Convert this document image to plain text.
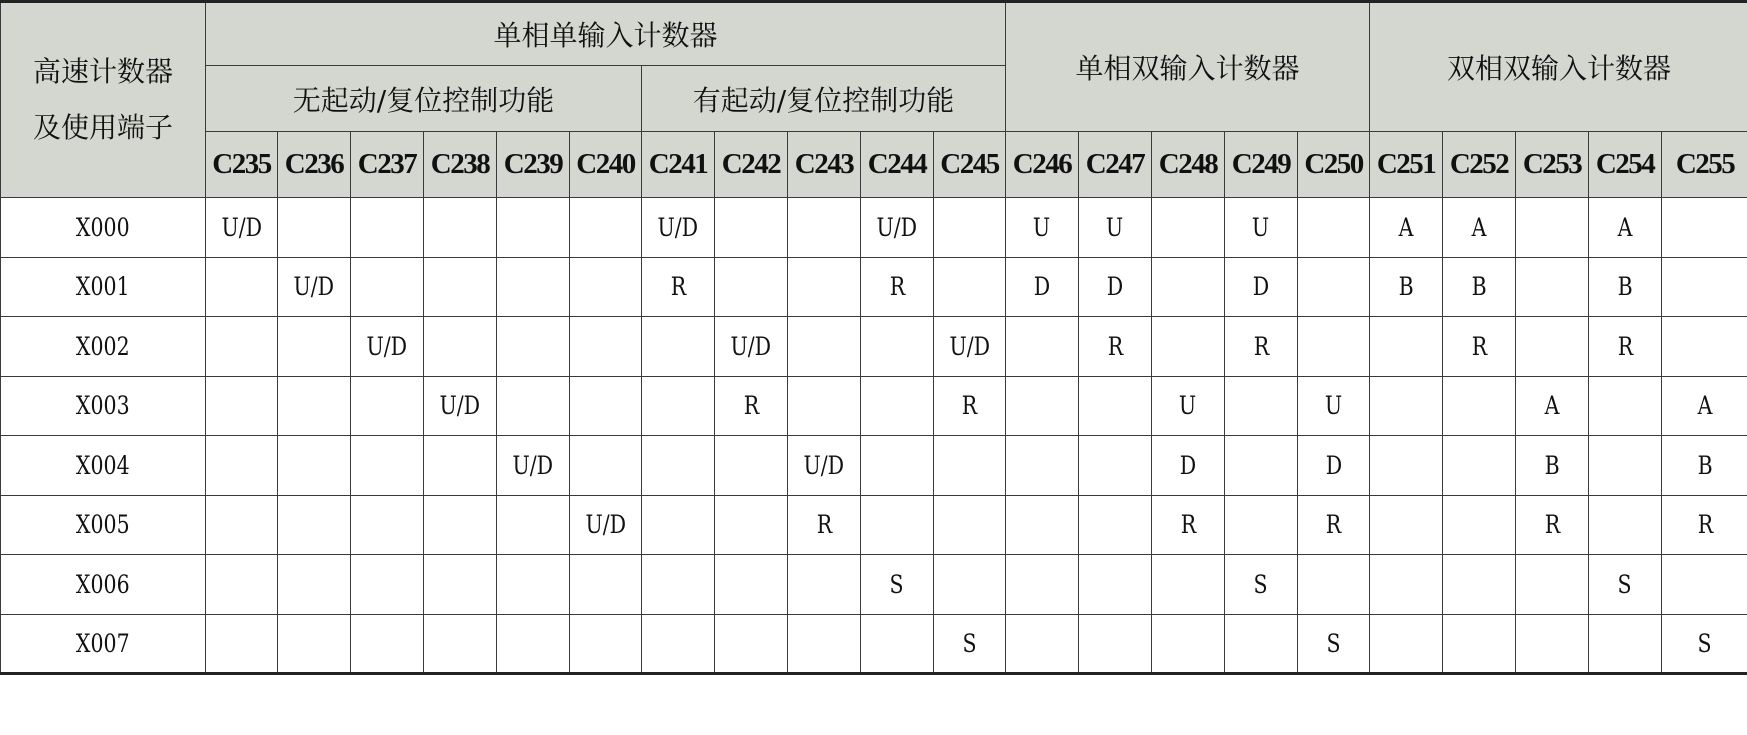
高速计数器
及使用端子	单相单输入计数器											单相双输入计数器					双相双输入计数器				
	无起动/复位控制功能						有起动/复位控制功能														
	C235	C236	C237	C238	C239	C240	C241	C242	C243	C244	C245	C246	C247	C248	C249	C250	C251	C252	C253	C254	C255
X000	U/D						U/D			U/D		U	U		U		A	A		A	
X001		U/D					R			R		D	D		D		B	B		B	
X002			U/D					U/D			U/D		R		R			R		R	
X003				U/D				R			R			U		U			A		A
X004					U/D				U/D					D		D			B		B
X005						U/D			R					R		R			R		R
X006										S					S					S	
X007											S					S					S
